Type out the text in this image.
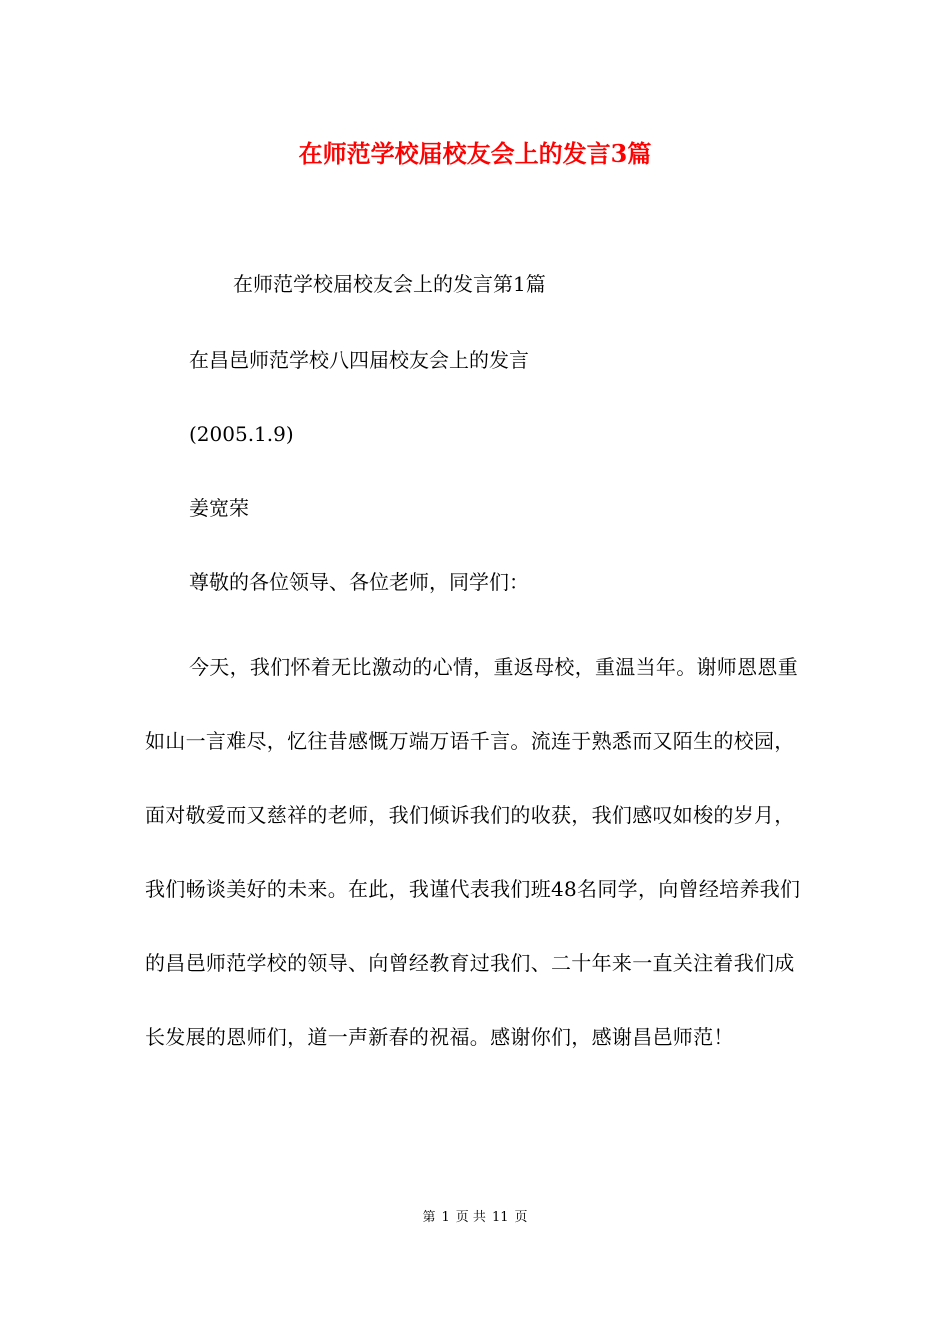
在师范学校届校友会上的发言3篇
在师范学校届校友会上的发言第1篇
在昌邑师范学校八四届校友会上的发言
(2005.1.9)
姜宽荣
尊敬的各位领导、各位老师，同学们：
今天，我们怀着无比激动的心情，重返母校，重温当年。谢师恩恩重如山一言难尽，忆往昔感慨万端万语千言。流连于熟悉而又陌生的校园，面对敬爱而又慈祥的老师，我们倾诉我们的收获，我们感叹如梭的岁月，我们畅谈美好的未来。在此，我谨代表我们班48名同学，向曾经培养我们的昌邑师范学校的领导、向曾经教育过我们、二十年来一直关注着我们成长发展的恩师们，道一声新春的祝福。感谢你们，感谢昌邑师范！
第 1 页 共 11 页
